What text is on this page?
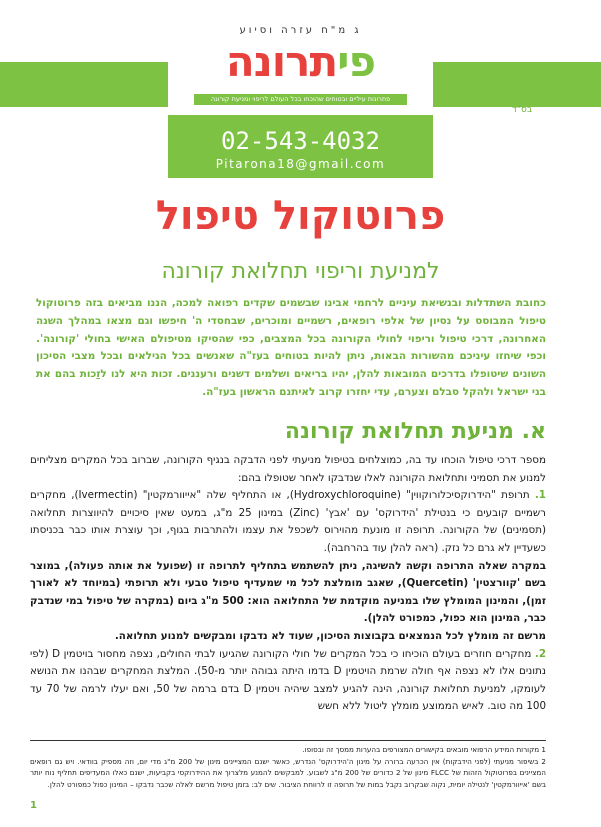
בס"ד
ג מ"ח עזרה וסיוע
פיתרונה
פתרונות עיליים ובטוחים שהוכחו בכל העולם לריפוי ומניעת קורונה
02-543-4032
Pitarona18@gmail.com
פרוטוקול טיפול
למניעת וריפוי תחלואת קורונה
כחובת השתדלות ובנשיאת עיניים לרחמי אבינו שבשמים שקדים רפואה למכה, הננו מביאים בזה פרוטוקול טיפול המבוסס על נסיון של אלפי רופאים, רשמיים ומוכרים, שבחסדי ה' חיפשו וגם מצאו במהלך השנה האחרונה, דרכי טיפול וריפוי לחולי הקורונה בכל המצבים, כפי שהסיקו מטיפולם האישי בחולי 'קורונה'. וכפי שיחזו עיניכם מהשורות הבאות, ניתן להיות בטוחים בעז"ה שאנשים בכל הגילאים ובכל מצבי הסיכון השונים שיטופלו בדרכים המובאות להלן, יהיו בריאים ושלמים דשנים ורעננים. זכות היא לנו לזַכות בהם את בני ישראל ולהקל סבלם וצערם, עדי יחזרו קרוב לאיתנם הראשון בעז"ה.
א. מניעת תחלואת קורונה

מספר דרכי טיפול הוכחו עד בה, כמוצלחים בטיפול מניעתי לפני הדבקה בנגיף הקורונה, שברוב בכל המקרים מצליחים למנוע את תסמיני ותחלואת הקורונה לאלו שנדבקו לאחר שטופלו בהם:

1. תרופת "הידרוקסיכלורוקווין" (Hydroxychloroquine), או התחליף שלה "אייוורמקטין" (Ivermectin), מחקרים רשמיים קובעים כי בנטילת 'הידרוקס' עם 'אבץ' (Zinc) במינון 25 מ"ג, במעט שאין סיכויים להיווצרות תחלואה (תסמינים) של הקורונה. תרופה זו מונעת מהוירוס לשכפל את עצמו ולהתרבות בגוף, וכך עוצרת אותו כבר בכניסתו כשעדיין לא גרם כל נזק. (ראה להלן עוד בהרחבה).

במקרה שאלה התרופה וקשה להשיגה, ניתן להשתמש בתחליף לתרופה זו (שפועל את אותה פעולה), במוצר בשם 'קוורצטין' (Quercetin), שאגב מומלצת לכל מי שמעדיף טיפול טבעי ולא תרופתי (במיוחד לא לאורך זמן), והמינון המומלץ שלו במניעה מוקדמת של התחלואה הוא: 500 מ"ג ביום (במקרה של טיפול במי שנדבק כבר, המינון הוא כפול, כמפורט להלן).

מרשם זה מומלץ לכל הנמצאים בקבוצות הסיכון, שעוד לא נדבקו ומבקשים למנוע תחלואה.

2. מחקרים חוזרים בעולם הוכיחו כי בכל המקרים של חולי הקורונה שהגיעו לבתי החולים, נצפה מחסור בויטמין D (לפי נתונים אלו לא נצפה אף חולה שרמת הויטמין D בדמו היתה גבוהה יותר מ-50). המלצת המחקרים שבהנו את הנושא לעומקו, למניעת תחלואת קורונה, הינה להגיע למצב שיהיה ויטמין D בדם ברמה של 50, ואם יעלו לרמה של 70 עד 100 מה טוב. לאיש הממוצע מומלץ ליטול ללא חשש

1 מקורות המידע הרפואי מובאים בקישורים המצורפים בהערות ממסך זה ובסופו.

2 בשיפור מניעתי (לפני הידבקות) אין הכרעה ברורה על מינון ה'הידרוקס' הנדרש, כאשר ישנם המצייינים מינון של 200 מ"ג מדי יום, וזה מספיק בוודאי. ויש גם רופאים המציינים בפרוטוקול הזהות של FLCC מינון של 2 כדורים של 200 מ"ג לשבוע. למבקשים להמנע מלצרוך את ההידרוקסי בקביעות, ישנם כאלו המעדיפים תחליף נוח יותר בשם 'אייוורמקטין' לנטילה יומית, נקוה שבקרוב נקבל במות של תרופה זו לרווחת הציבור. שים לב: בזמן טיפול מרשם לאלה שכבר נדבקו – המינון כפול כמפורט להלן.

1
